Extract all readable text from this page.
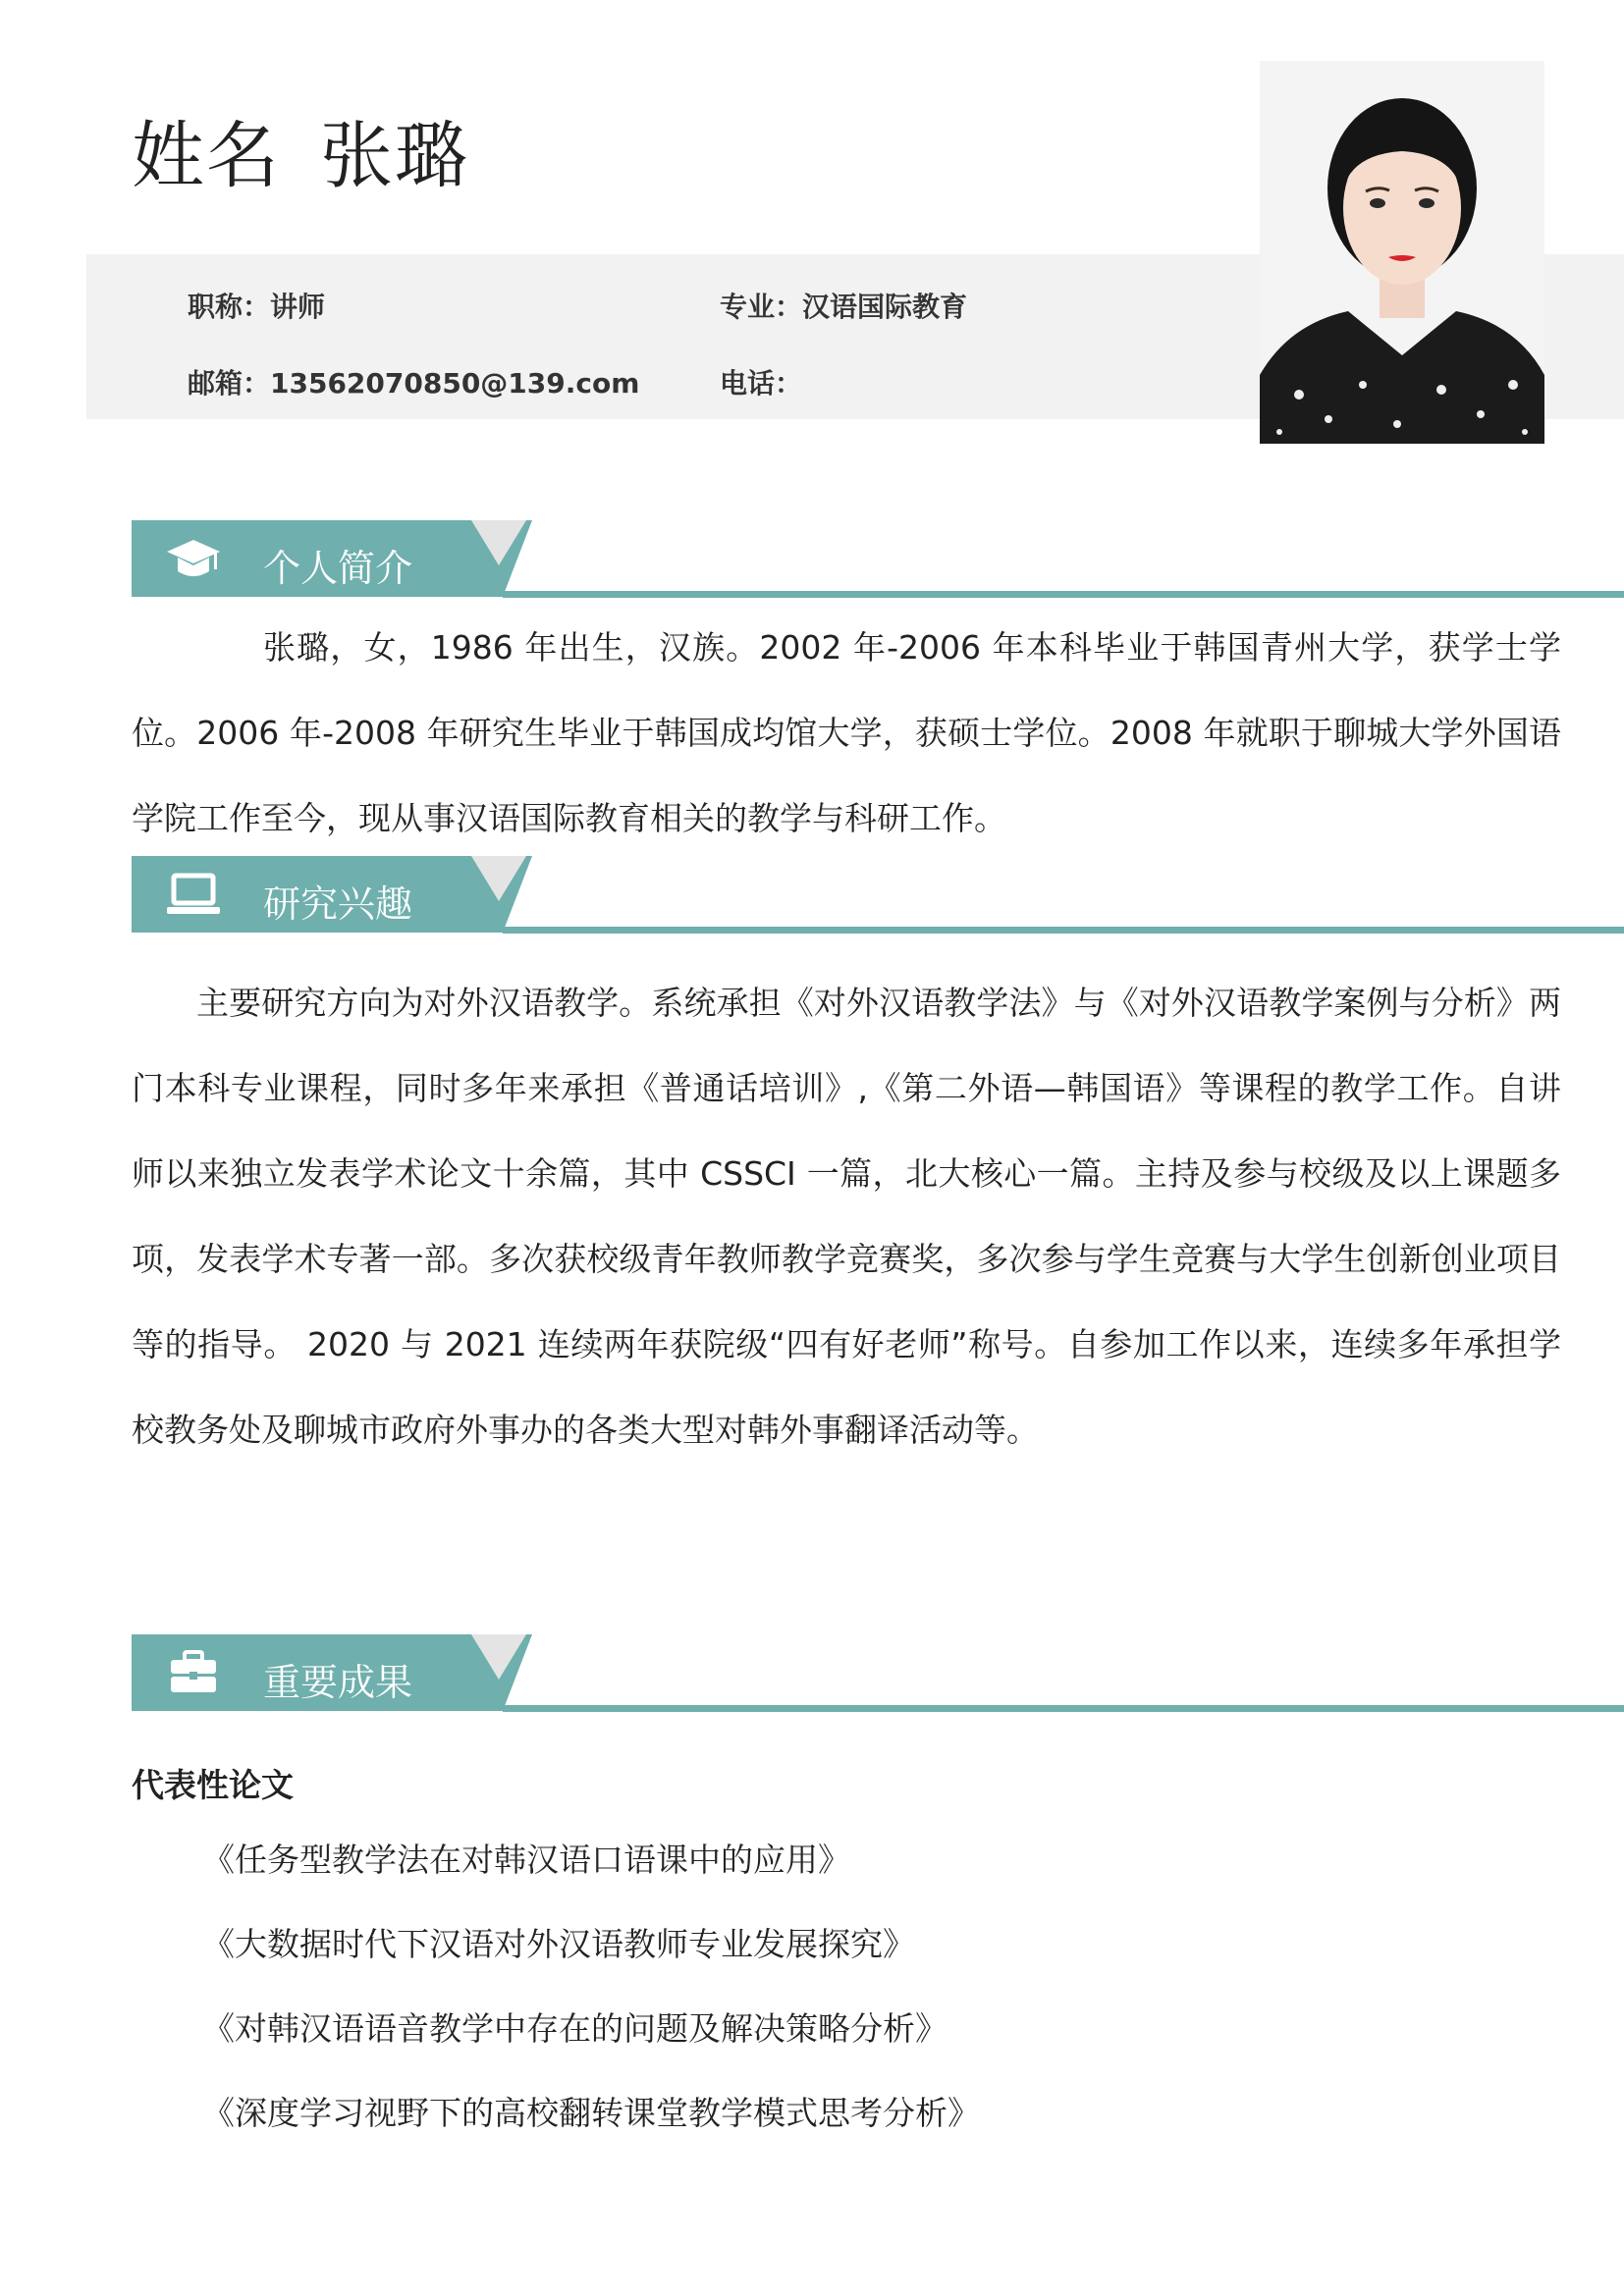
姓名 张璐
职称：讲师	专业：汉语国际教育
邮箱：13562070850@139.com	电话：
个人简介

张璐，女，1986 年出生，汉族。2002 年-2006 年本科毕业于韩国青州大学，获学士学位。2006 年-2008 年研究生毕业于韩国成均馆大学，获硕士学位。2008 年就职于聊城大学外国语学院工作至今，现从事汉语国际教育相关的教学与科研工作。

研究兴趣

主要研究方向为对外汉语教学。系统承担《对外汉语教学法》与《对外汉语教学案例与分析》两门本科专业课程，同时多年来承担《普通话培训》,《第二外语—韩国语》等课程的教学工作。自讲师以来独立发表学术论文十余篇，其中 CSSCI 一篇，北大核心一篇。主持及参与校级及以上课题多项，发表学术专著一部。多次获校级青年教师教学竞赛奖，多次参与学生竞赛与大学生创新创业项目等的指导。 2020 与 2021 连续两年获院级“四有好老师”称号。自参加工作以来，连续多年承担学校教务处及聊城市政府外事办的各类大型对韩外事翻译活动等。

重要成果

代表性论文

《任务型教学法在对韩汉语口语课中的应用》
《大数据时代下汉语对外汉语教师专业发展探究》
《对韩汉语语音教学中存在的问题及解决策略分析》
《深度学习视野下的高校翻转课堂教学模式思考分析》
